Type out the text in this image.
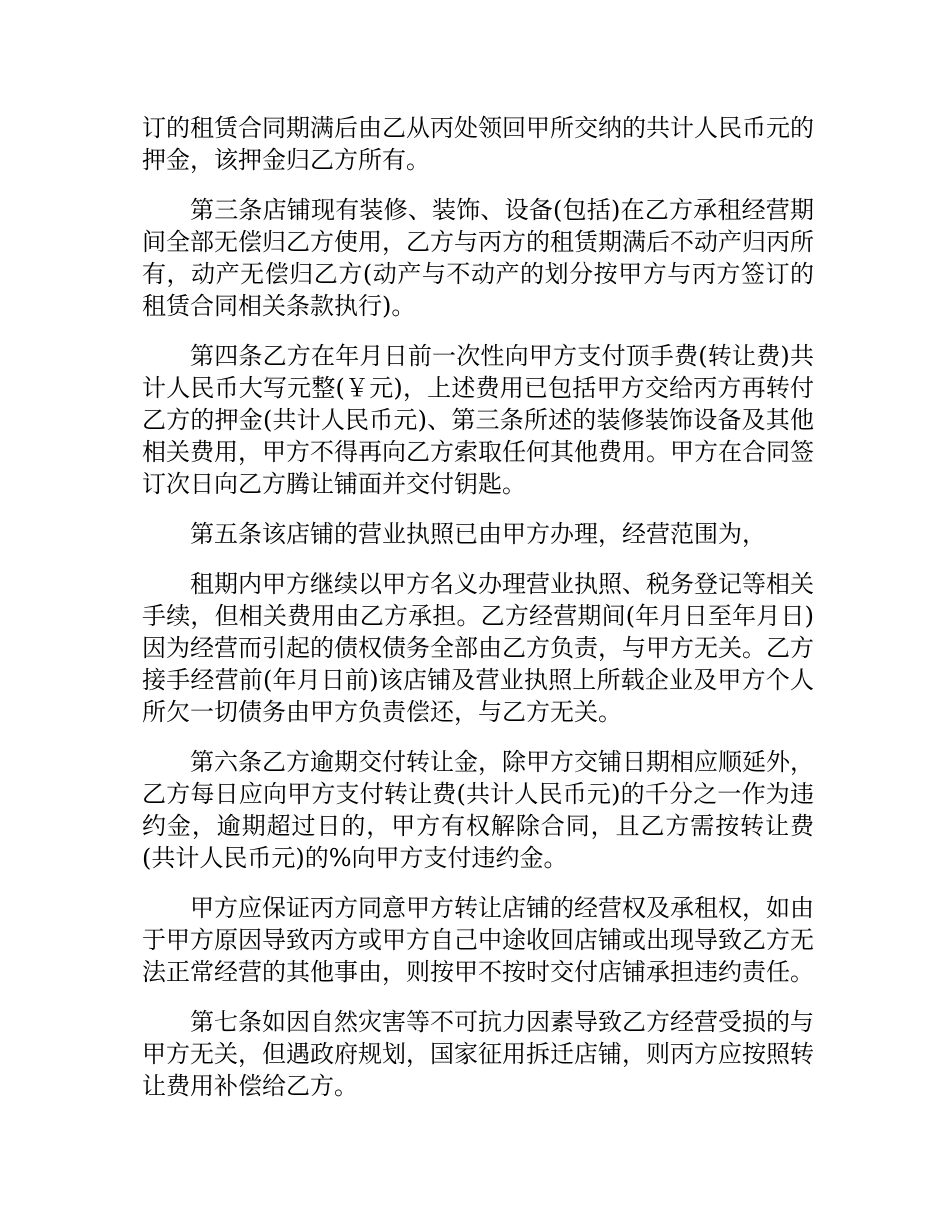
订的租赁合同期满后由乙从丙处领回甲所交纳的共计人民币元的押金，该押金归乙方所有。

第三条店铺现有装修、装饰、设备(包括)在乙方承租经营期间全部无偿归乙方使用，乙方与丙方的租赁期满后不动产归丙所有，动产无偿归乙方(动产与不动产的划分按甲方与丙方签订的租赁合同相关条款执行)。

第四条乙方在年月日前一次性向甲方支付顶手费(转让费)共计人民币大写元整(￥元)，上述费用已包括甲方交给丙方再转付乙方的押金(共计人民币元)、第三条所述的装修装饰设备及其他相关费用，甲方不得再向乙方索取任何其他费用。甲方在合同签订次日向乙方腾让铺面并交付钥匙。

第五条该店铺的营业执照已由甲方办理，经营范围为，

租期内甲方继续以甲方名义办理营业执照、税务登记等相关手续，但相关费用由乙方承担。乙方经营期间(年月日至年月日)因为经营而引起的债权债务全部由乙方负责，与甲方无关。乙方接手经营前(年月日前)该店铺及营业执照上所载企业及甲方个人所欠一切债务由甲方负责偿还，与乙方无关。

第六条乙方逾期交付转让金，除甲方交铺日期相应顺延外，乙方每日应向甲方支付转让费(共计人民币元)的千分之一作为违约金，逾期超过日的，甲方有权解除合同，且乙方需按转让费(共计人民币元)的%向甲方支付违约金。

甲方应保证丙方同意甲方转让店铺的经营权及承租权，如由于甲方原因导致丙方或甲方自己中途收回店铺或出现导致乙方无法正常经营的其他事由，则按甲不按时交付店铺承担违约责任。

第七条如因自然灾害等不可抗力因素导致乙方经营受损的与甲方无关，但遇政府规划，国家征用拆迁店铺，则丙方应按照转让费用补偿给乙方。
